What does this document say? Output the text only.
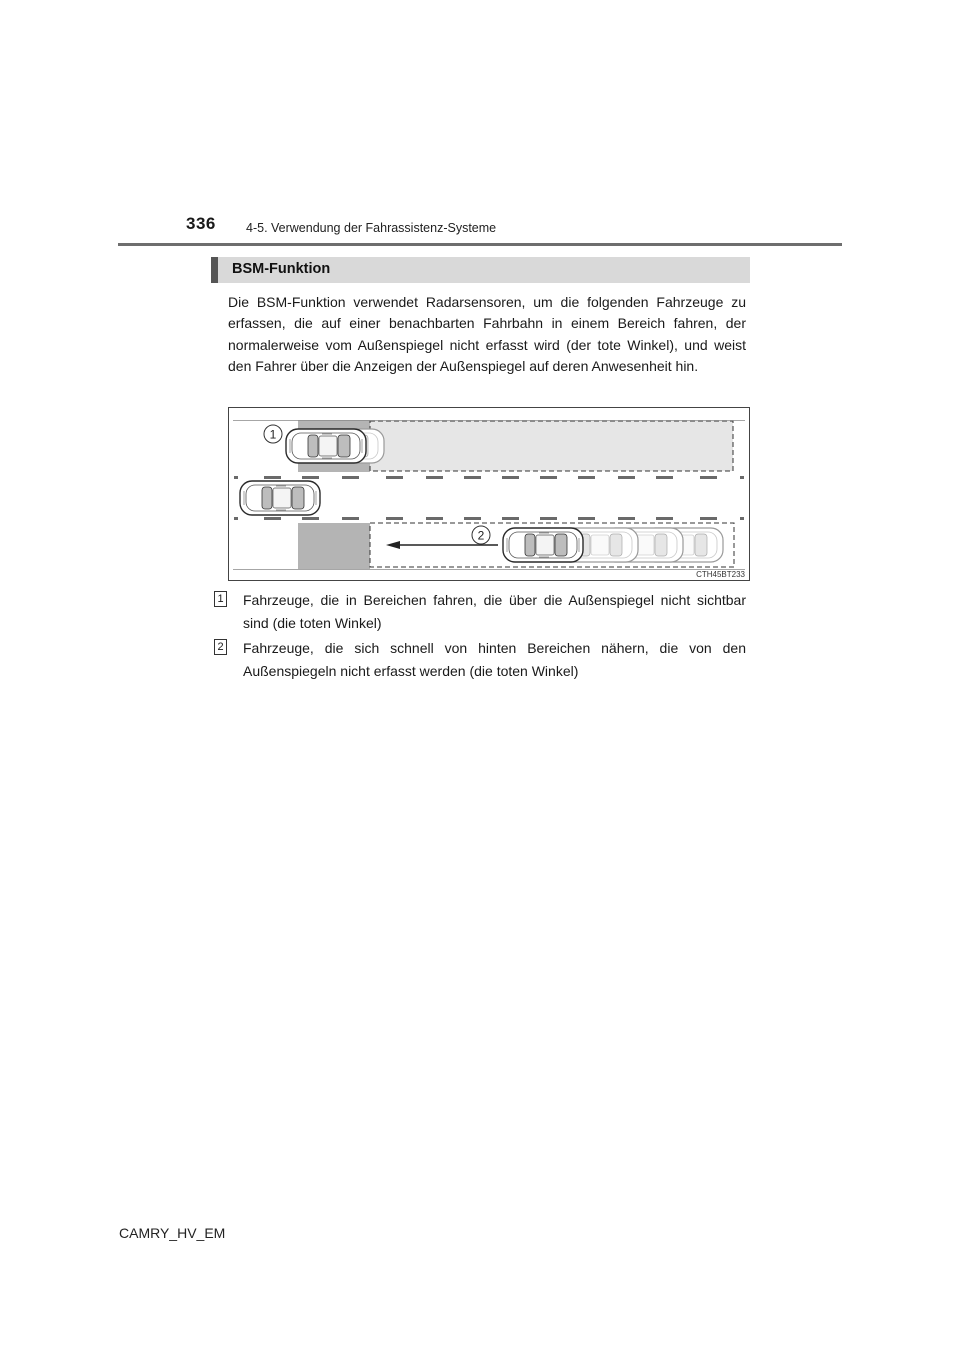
336 4-5. Verwendung der Fahrassistenz-Systeme
BSM-Funktion

Die BSM-Funktion verwendet Radarsensoren, um die folgenden Fahrzeuge zu erfassen, die auf einer benachbarten Fahrbahn in einem Bereich fahren, der normalerweise vom Außenspiegel nicht erfasst wird (der tote Winkel), und weist den Fahrer über die Anzeigen der Außenspiegel auf deren Anwesenheit hin.

1
2
CTH45BT233
1 Fahrzeuge, die in Bereichen fahren, die über die Außenspiegel nicht sichtbar sind (die toten Winkel)
2 Fahrzeuge, die sich schnell von hinten Bereichen nähern, die von den Außenspiegeln nicht erfasst werden (die toten Winkel)
CAMRY_HV_EM
